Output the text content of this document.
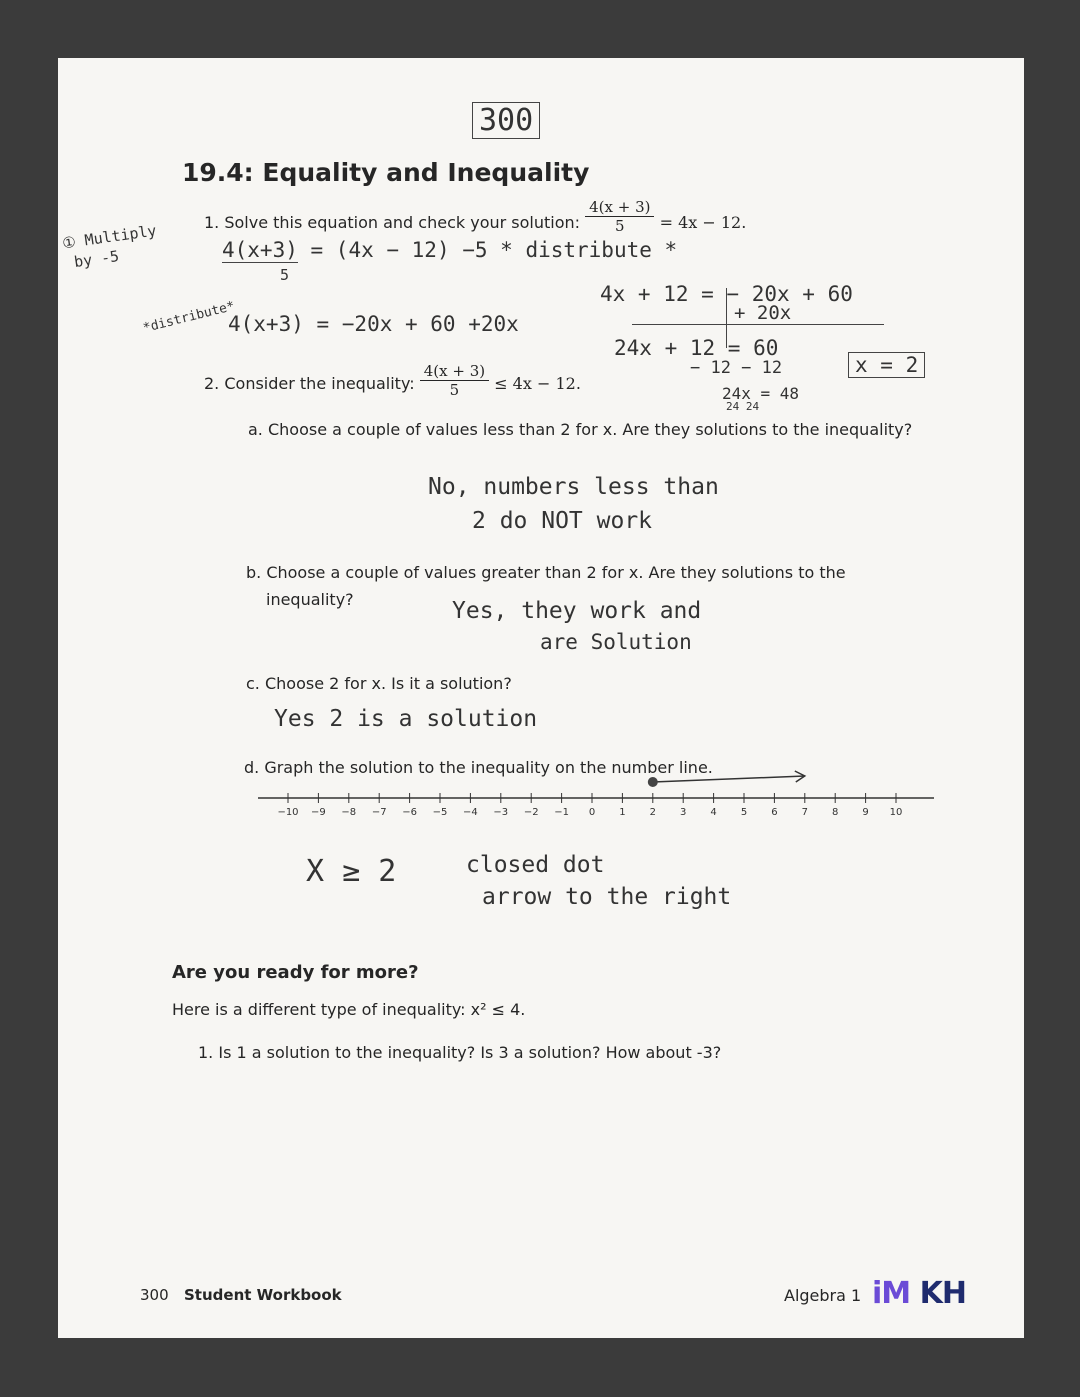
300
19.4: Equality and Inequality
1. Solve this equation and check your solution: $\frac{4(x + 3)}{5} = 4x - 12$.
① Multiply
by -5	4(x+3) = (4x − 12) −5 * distribute *
5
*distribute*
4(x+3) = −20x + 60 +20x
4x + 12 = − 20x + 60
+ 20x
24x + 12 = 60
− 12 − 12
24x = 48
24 24
x = 2
2. Consider the inequality: $\frac{4(x + 3)}{5} \le 4x - 12$.
a. Choose a couple of values less than 2 for x. Are they solutions to the inequality?
No, numbers less than
2 do NOT work
b. Choose a couple of values greater than 2 for x. Are they solutions to the
inequality?	Yes, they work and
are Solution
c. Choose 2 for x. Is it a solution?
Yes 2 is a solution
d. Graph the solution to the inequality on the number line.
−10 −9 −8 −7 −6 −5 −4 −3 −2 −1 0 1 2 3 4 5 6 7 8 9 10
X ≥ 2	closed dot
arrow to the right
Are you ready for more?
Here is a different type of inequality: x² ≤ 4.
1. Is 1 a solution to the inequality? Is 3 a solution? How about -3?
300 Student Workbook	Algebra 1 iM KH
